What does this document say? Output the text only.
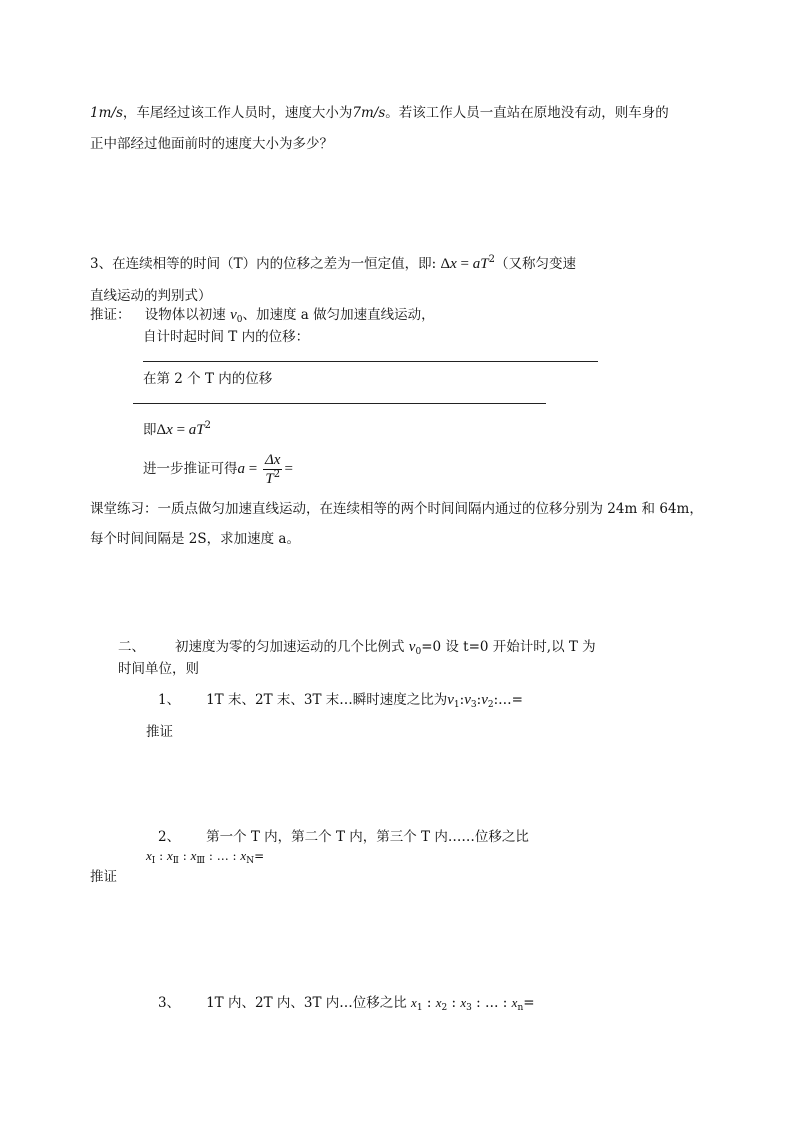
1m/s，车尾经过该工作人员时，速度大小为7m/s。若该工作人员一直站在原地没有动，则车身的
正中部经过他面前时的速度大小为多少？
3、在连续相等的时间（T）内的位移之差为一恒定值，即: $\Delta x = aT^2$（又称匀变速
直线运动的判别式）
推证： 设物体以初速 $v_0$、加速度 a 做匀加速直线运动，
自计时起时间 T 内的位移：
在第 2 个 T 内的位移
即$\Delta x = aT^2$
进一步推证可得$a = \frac{\Delta x}{T^2}$ =
课堂练习：一质点做匀加速直线运动，在连续相等的两个时间间隔内通过的位移分别为 24m 和 64m，
每个时间间隔是 2S，求加速度 a。
二、 初速度为零的匀加速运动的几个比例式 $v_0=0$ 设 t=0 开始计时,以 T 为
时间单位，则
1、 1T 末、2T 末、3T 末…瞬时速度之比为$v_1:v_3:v_2:\dots=$
推证
2、 第一个 T 内，第二个 T 内，第三个 T 内……位移之比
$x_Ⅰ$ : $x_Ⅱ$ : $x_Ⅲ$ : … : $x_N=$
推证
3、 1T 内、2T 内、3T 内…位移之比 $x_1$ : $x_2$ : $x_3$ : … : $x_n=$
